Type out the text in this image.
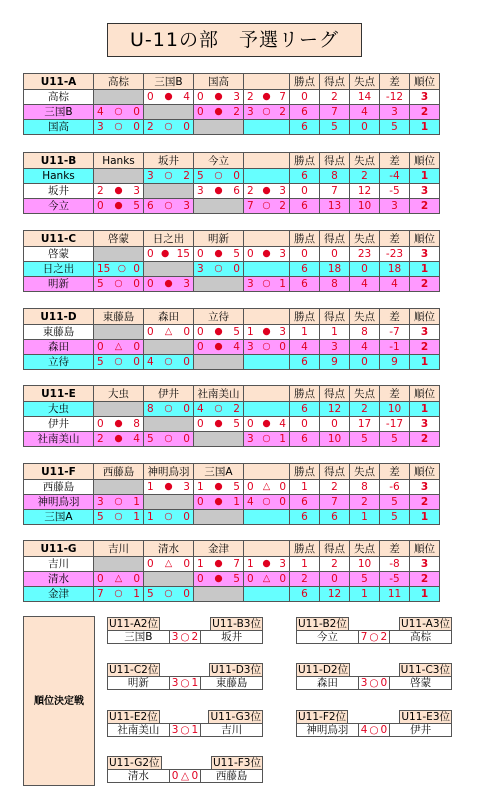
U-11の部　予選リーグ
U11-A	高棕	三国B	国高		勝点	得点	失点	差	順位
高棕		0 ● 4	0 ● 3	2 ● 7	0	2	14	-12	3
三国B	4 ○ 0		0 ● 2	3 ○ 2	6	7	4	3	2
国高	3 ○ 0	2 ○ 0			6	5	0	5	1
U11-B	Hanks	坂井	今立		勝点	得点	失点	差	順位
Hanks		3 ○ 2	5 ○ 0		6	8	2	-4	1
坂井	2 ● 3		3 ● 6	2 ● 3	0	7	12	-5	3
今立	0 ● 5	6 ○ 3		7 ○ 2	6	13	10	3	2
U11-C	啓蒙	日之出	明新		勝点	得点	失点	差	順位
啓蒙		0 ● 15	0 ● 5	0 ● 3	0	0	23	-23	3
日之出	15 ○ 0		3 ○ 0		6	18	0	18	1
明新	5 ○ 0	0 ● 3		3 ○ 1	6	8	4	4	2
U11-D	東藤島	森田	立待		勝点	得点	失点	差	順位
東藤島		0 △ 0	0 ● 5	1 ● 3	1	1	8	-7	3
森田	0 △ 0		0 ● 4	3 ○ 0	4	3	4	-1	2
立待	5 ○ 0	4 ○ 0			6	9	0	9	1
U11-E	大虫	伊井	社南美山		勝点	得点	失点	差	順位
大虫		8 ○ 0	4 ○ 2		6	12	2	10	1
伊井	0 ● 8		0 ● 5	0 ● 4	0	0	17	-17	3
社南美山	2 ● 4	5 ○ 0		3 ○ 1	6	10	5	5	2
U11-F	西藤島	神明鳥羽	三国A		勝点	得点	失点	差	順位
西藤島		1 ● 3	1 ● 5	0 △ 0	1	2	8	-6	3
神明鳥羽	3 ○ 1		0 ● 1	4 ○ 0	6	7	2	5	2
三国A	5 ○ 1	1 ○ 0			6	6	1	5	1
U11-G	吉川	清水	金津		勝点	得点	失点	差	順位
吉川		0 △ 0	1 ● 7	1 ● 3	1	2	10	-8	3
清水	0 △ 0		0 ● 5	0 △ 0	2	0	5	-5	2
金津	7 ○ 1	5 ○ 0			6	12	1	11	1
順位決定戦
U11-A2位	U11-B3位
三国B	3 ○ 2	坂井
U11-B2位	U11-A3位
今立	7 ○ 2	高棕
U11-C2位	U11-D3位
明新	3 ○ 1	東藤島
U11-D2位	U11-C3位
森田	3 ○ 0	啓蒙
U11-E2位	U11-G3位
社南美山	3 ○ 1	吉川
U11-F2位	U11-E3位
神明鳥羽	4 ○ 0	伊井
U11-G2位	U11-F3位
清水	0 △ 0	西藤島
